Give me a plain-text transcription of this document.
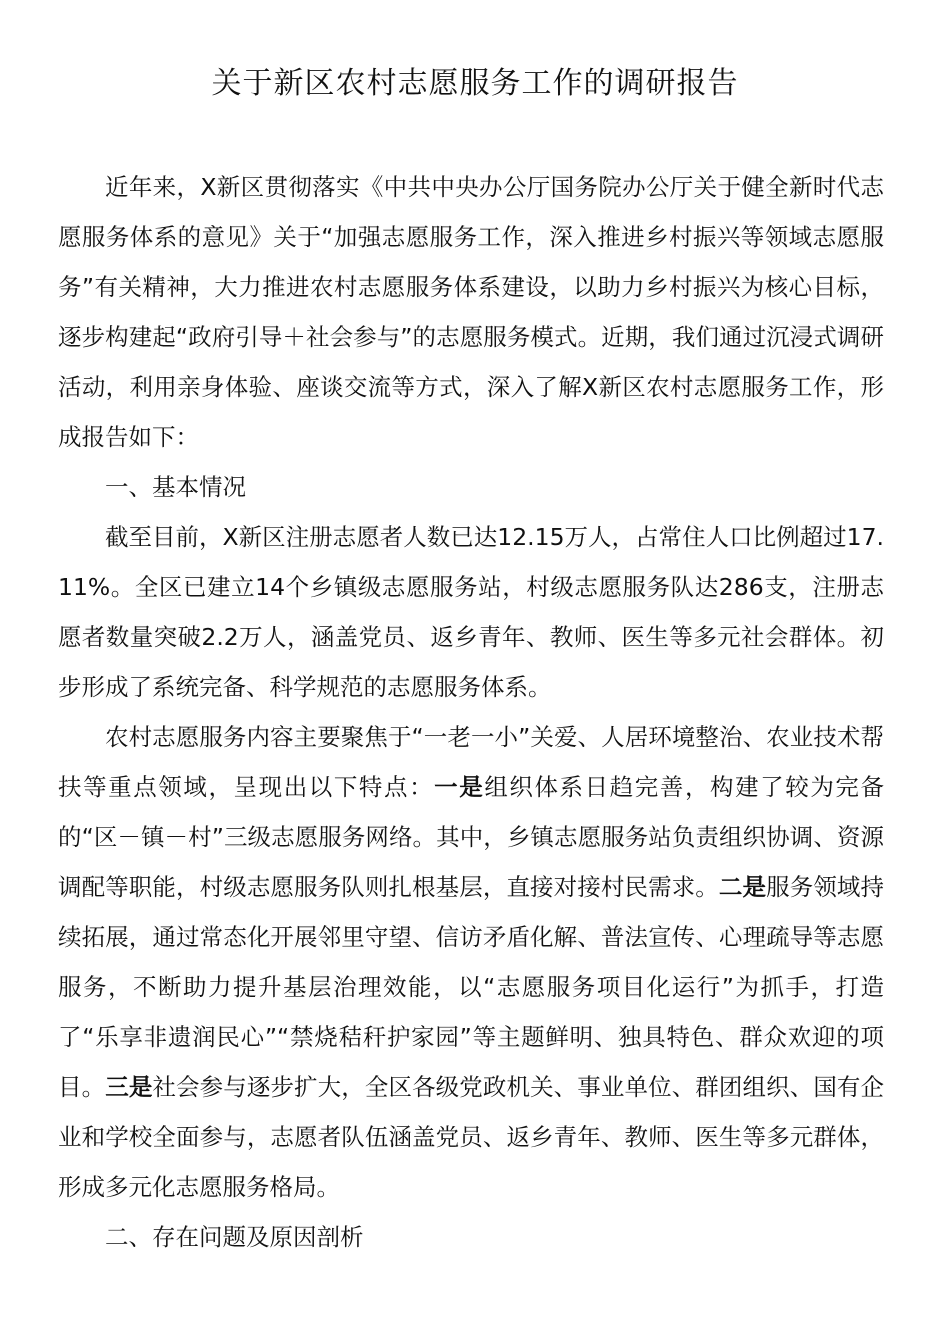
关于新区农村志愿服务工作的调研报告

近年来，X新区贯彻落实《中共中央办公厅国务院办公厅关于健全新时代志愿服务体系的意见》关于“加强志愿服务工作，深入推进乡村振兴等领域志愿服务”有关精神，大力推进农村志愿服务体系建设，以助力乡村振兴为核心目标，逐步构建起“政府引导＋社会参与”的志愿服务模式。近期，我们通过沉浸式调研活动，利用亲身体验、座谈交流等方式，深入了解X新区农村志愿服务工作，形成报告如下：

一、基本情况

截至目前，X新区注册志愿者人数已达12.15万人，占常住人口比例超过17.11%。全区已建立14个乡镇级志愿服务站，村级志愿服务队达286支，注册志愿者数量突破2.2万人，涵盖党员、返乡青年、教师、医生等多元社会群体。初步形成了系统完备、科学规范的志愿服务体系。

农村志愿服务内容主要聚焦于“一老一小”关爱、人居环境整治、农业技术帮扶等重点领域，呈现出以下特点：一是组织体系日趋完善，构建了较为完备的“区－镇－村”三级志愿服务网络。其中，乡镇志愿服务站负责组织协调、资源调配等职能，村级志愿服务队则扎根基层，直接对接村民需求。二是服务领域持续拓展，通过常态化开展邻里守望、信访矛盾化解、普法宣传、心理疏导等志愿服务，不断助力提升基层治理效能，以“志愿服务项目化运行”为抓手，打造了“乐享非遗润民心”“禁烧秸秆护家园”等主题鲜明、独具特色、群众欢迎的项目。三是社会参与逐步扩大，全区各级党政机关、事业单位、群团组织、国有企业和学校全面参与，志愿者队伍涵盖党员、返乡青年、教师、医生等多元群体，形成多元化志愿服务格局。

二、存在问题及原因剖析
